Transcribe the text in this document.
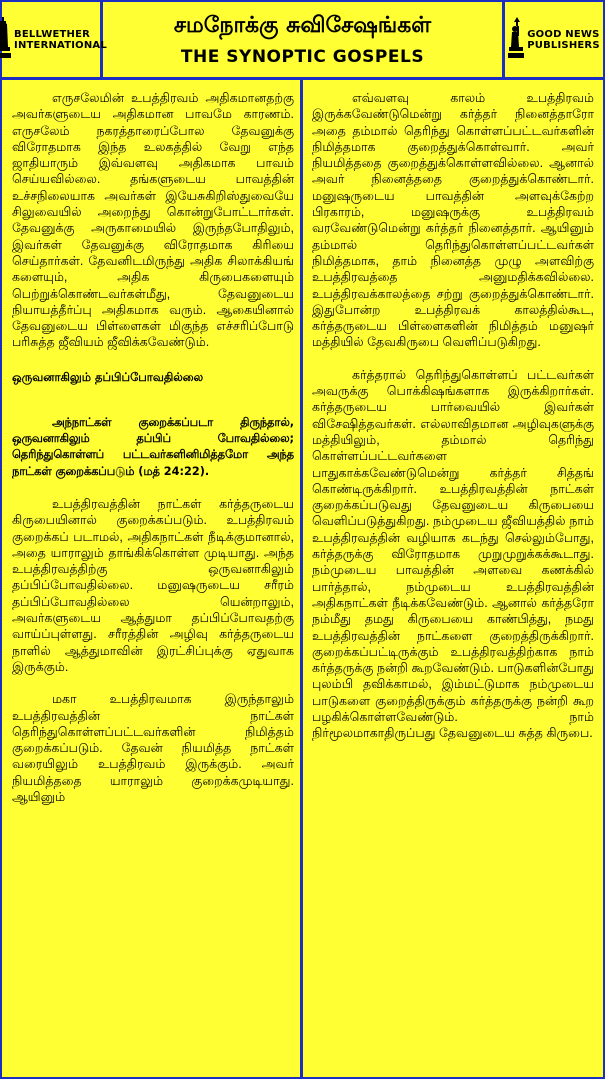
BELLWETHER
INTERNATIONAL
சமநோக்கு சுவிசேஷங்கள்
THE SYNOPTIC GOSPELS
GOOD NEWS
PUBLISHERS

எருசலேமின் உபத்திரவம் அதிகமானதற்கு அவர்களுடைய அதிகமான பாவமே காரணம். எருசலேம் நகரத்தாரைப்போல தேவனுக்கு விரோதமாக இந்த உலகத்தில் வேறு எந்த ஜாதியாரும் இவ்வளவு அதிகமாக பாவம் செய்யவில்லை. தங்களுடைய பாவத்தின் உச்சநிலையாக அவர்கள் இயேசுகிறிஸ்துவையே சிலுவையில் அறைந்து கொன்றுபோட்டார்கள். தேவனுக்கு அருகாமையில் இருந்தபோதிலும், இவர்கள் தேவனுக்கு விரோதமாக கிரியை செய்தார்கள். தேவனிடமிருந்து அதிக சிலாக்கியங் களையும், அதிக கிருபைகளையும் பெற்றுக்கொண்டவர்கள்மீது, தேவனுடைய நியாயத்தீர்ப்பு அதிகமாக வரும். ஆகையினால் தேவனுடைய பிள்ளைகள் மிகுந்த எச்சரிப்போடு பரிசுத்த ஜீவியம் ஜீவிக்கவேண்டும்.

ஒருவனாகிலும் தப்பிப்போவதில்லை

அந்நாட்கள் குறைக்கப்படா திருந்தால், ஒருவனாகிலும் தப்பிப் போவதில்லை; தெரிந்துகொள்ளப் பட்டவர்களினிமித்தமோ அந்த நாட்கள் குறைக்கப்படும் (மத் 24:22).

உபத்திரவத்தின் நாட்கள் கர்த்தருடைய கிருபையினால் குறைக்கப்படும். உபத்திரவம் குறைக்கப் படாமல், அதிகநாட்கள் நீடிக்குமானால், அதை யாராலும் தாங்கிக்கொள்ள முடியாது. அந்த உபத்திரவத்திற்கு ஒருவனாகிலும் தப்பிப்போவதில்லை. மனுஷருடைய சரீரம் தப்பிப்போவதில்லை யென்றாலும், அவர்களுடைய ஆத்துமா தப்பிப்போவதற்கு வாய்ப்புள்ளது. சரீரத்தின் அழிவு கர்த்தருடைய நாளில் ஆத்துமாவின் இரட்சிப்புக்கு ஏதுவாக இருக்கும்.

மகா உபத்திரவமாக இருந்தாலும் உபத்திரவத்தின் நாட்கள் தெரிந்துகொள்ளப்பட்டவர்களின் நிமித்தம் குறைக்கப்படும். தேவன் நியமித்த நாட்கள் வரையிலும் உபத்திரவம் இருக்கும். அவர் நியமித்ததை யாராலும் குறைக்கமுடியாது. ஆயினும்

எவ்வளவு காலம் உபத்திரவம் இருக்கவேண்டுமென்று கர்த்தர் நினைத்தாரோ அதை தம்மால் தெரிந்து கொள்ளப்பட்டவர்களின் நிமித்தமாக குறைத்துக்கொள்வார். அவர் நியமித்ததை குறைத்துக்கொள்ளவில்லை. ஆனால் அவர் நினைத்ததை குறைத்துக்கொண்டார். மனுஷருடைய பாவத்தின் அளவுக்கேற்ற பிரகாரம், மனுஷருக்கு உபத்திரவம் வரவேண்டுமென்று கர்த்தர் நினைத்தார். ஆயினும் தம்மால் தெரிந்துகொள்ளப்பட்டவர்கள் நிமித்தமாக, தாம் நினைத்த முழு அளவிற்கு உபத்திரவத்தை அனுமதிக்கவில்லை. உபத்திரவக்காலத்தை சற்று குறைத்துக்கொண்டார். இதுபோன்ற உபத்திரவக் காலத்தில்கூட, கர்த்தருடைய பிள்ளைகளின் நிமித்தம் மனுஷர் மத்தியில் தேவகிருபை வெளிப்படுகிறது.

கர்த்தரால் தெரிந்துகொள்ளப் பட்டவர்கள் அவருக்கு பொக்கிஷங்களாக இருக்கிறார்கள். கர்த்தருடைய பார்வையில் இவர்கள் விசேஷித்தவர்கள். எல்லாவிதமான அழிவுகளுக்கு மத்தியிலும், தம்மால் தெரிந்து கொள்ளப்பட்டவர்களை பாதுகாக்கவேண்டுமென்று கர்த்தர் சித்தங் கொண்டிருக்கிறார். உபத்திரவத்தின் நாட்கள் குறைக்கப்படுவது தேவனுடைய கிருபையை வெளிப்படுத்துகிறது. நம்முடைய ஜீவியத்தில் நாம் உபத்திரவத்தின் வழியாக கடந்து செல்லும்போது, கர்த்தருக்கு விரோதமாக முறுமுறுக்கக்கூடாது. நம்முடைய பாவத்தின் அளவை கணக்கில் பார்த்தால், நம்முடைய உபத்திரவத்தின் அதிகநாட்கள் நீடிக்கவேண்டும். ஆனால் கர்த்தரோ நம்மீது தமது கிருபையை காண்பித்து, நமது உபத்திரவத்தின் நாட்களை குறைத்திருக்கிறார். குறைக்கப்பட்டிருக்கும் உபத்திரவத்திற்காக நாம் கர்த்தருக்கு நன்றி கூறவேண்டும். பாடுகளின்போது புலம்பி தவிக்காமல், இம்மட்டுமாக நம்முடைய பாடுகளை குறைத்திருக்கும் கர்த்தருக்கு நன்றி கூற பழகிக்கொள்ளவேண்டும். நாம் நிர்மூலமாகாதிருப்பது தேவனுடைய சுத்த கிருபை.
